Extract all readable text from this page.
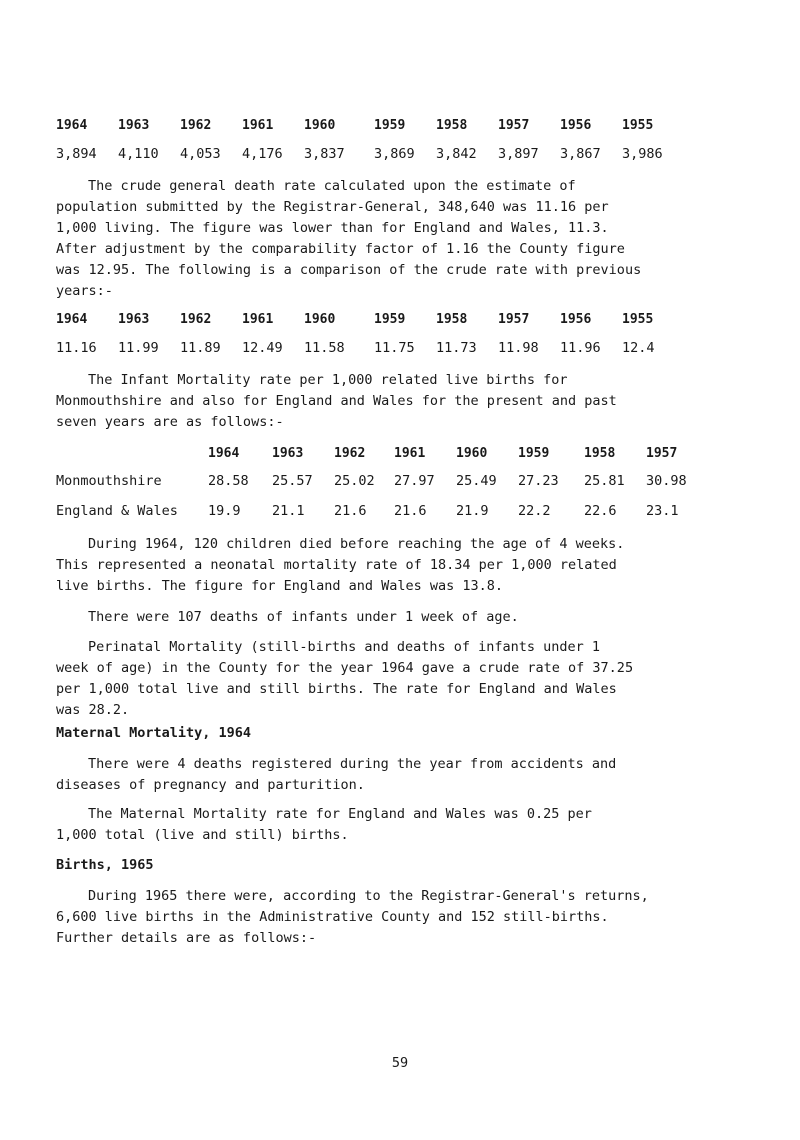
1964 1963 1962 1961 1960	1959 1958 1957 1956 1955
3,894 4,110 4,053 4,176 3,837 3,869 3,842 3,897 3,867 3,986
The crude general death rate calculated upon the estimate of
population submitted by the Registrar-General, 348,640 was 11.16 per
1,000 living. The figure was lower than for England and Wales, 11.3.
After adjustment by the comparability factor of 1.16 the County figure
was 12.95. The following is a comparison of the crude rate with previous
years:-
1964 1963 1962 1961 1960	1959 1958 1957 1956 1955
11.16 11.99 11.89 12.49 11.58 11.75 11.73 11.98 11.96 12.4
The Infant Mortality rate per 1,000 related live births for
Monmouthshire and also for England and Wales for the present and past
seven years are as follows:-
1964	1963 1962 1961 1960 1959	1958 1957
Monmouthshire	28.58 25.57 25.02 27.97 25.49 27.23 25.81 30.98
England & Wales 19.9 21.1 21.6 21.6 21.9 22.2 22.6 23.1
During 1964, 120 children died before reaching the age of 4 weeks.
This represented a neonatal mortality rate of 18.34 per 1,000 related
live births. The figure for England and Wales was 13.8.
There were 107 deaths of infants under 1 week of age.
Perinatal Mortality (still-births and deaths of infants under 1
week of age) in the County for the year 1964 gave a crude rate of 37.25
per 1,000 total live and still births. The rate for England and Wales
was 28.2.
Maternal Mortality, 1964
There were 4 deaths registered during the year from accidents and
diseases of pregnancy and parturition.
The Maternal Mortality rate for England and Wales was 0.25 per
1,000 total (live and still) births.
Births, 1965
During 1965 there were, according to the Registrar-General's returns,
6,600 live births in the Administrative County and 152 still-births.
Further details are as follows:-
59
